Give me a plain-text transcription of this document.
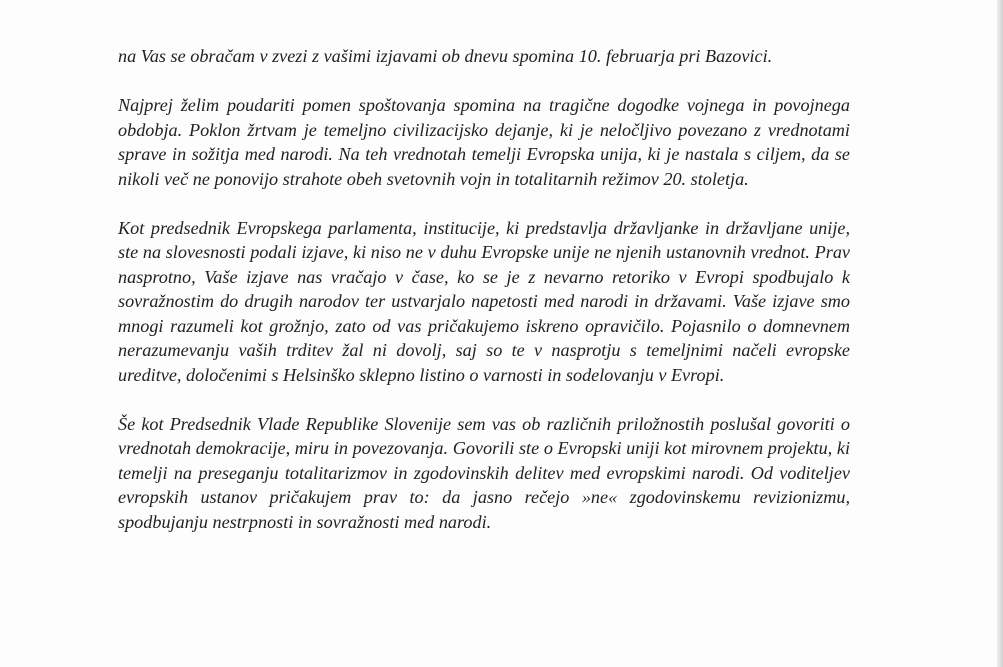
na Vas se obračam v zvezi z vašimi izjavami ob dnevu spomina 10. februarja pri Bazovici.

Najprej želim poudariti pomen spoštovanja spomina na tragične dogodke vojnega in povojnega obdobja. Poklon žrtvam je temeljno civilizacijsko dejanje, ki je neločljivo povezano z vrednotami sprave in sožitja med narodi. Na teh vrednotah temelji Evropska unija, ki je nastala s ciljem, da se nikoli več ne ponovijo strahote obeh svetovnih vojn in totalitarnih režimov 20. stoletja.

Kot predsednik Evropskega parlamenta, institucije, ki predstavlja državljanke in državljane unije, ste na slovesnosti podali izjave, ki niso ne v duhu Evropske unije ne njenih ustanovnih vrednot. Prav nasprotno, Vaše izjave nas vračajo v čase, ko se je z nevarno retoriko v Evropi spodbujalo k sovražnostim do drugih narodov ter ustvarjalo napetosti med narodi in državami. Vaše izjave smo mnogi razumeli kot grožnjo, zato od vas pričakujemo iskreno opravičilo. Pojasnilo o domnevnem nerazumevanju vaših trditev žal ni dovolj, saj so te v nasprotju s temeljnimi načeli evropske ureditve, določenimi s Helsinško sklepno listino o varnosti in sodelovanju v Evropi.

Še kot Predsednik Vlade Republike Slovenije sem vas ob različnih priložnostih poslušal govoriti o vrednotah demokracije, miru in povezovanja. Govorili ste o Evropski uniji kot mirovnem projektu, ki temelji na preseganju totalitarizmov in zgodovinskih delitev med evropskimi narodi. Od voditeljev evropskih ustanov pričakujem prav to: da jasno rečejo »ne« zgodovinskemu revizionizmu, spodbujanju nestrpnosti in sovražnosti med narodi.
